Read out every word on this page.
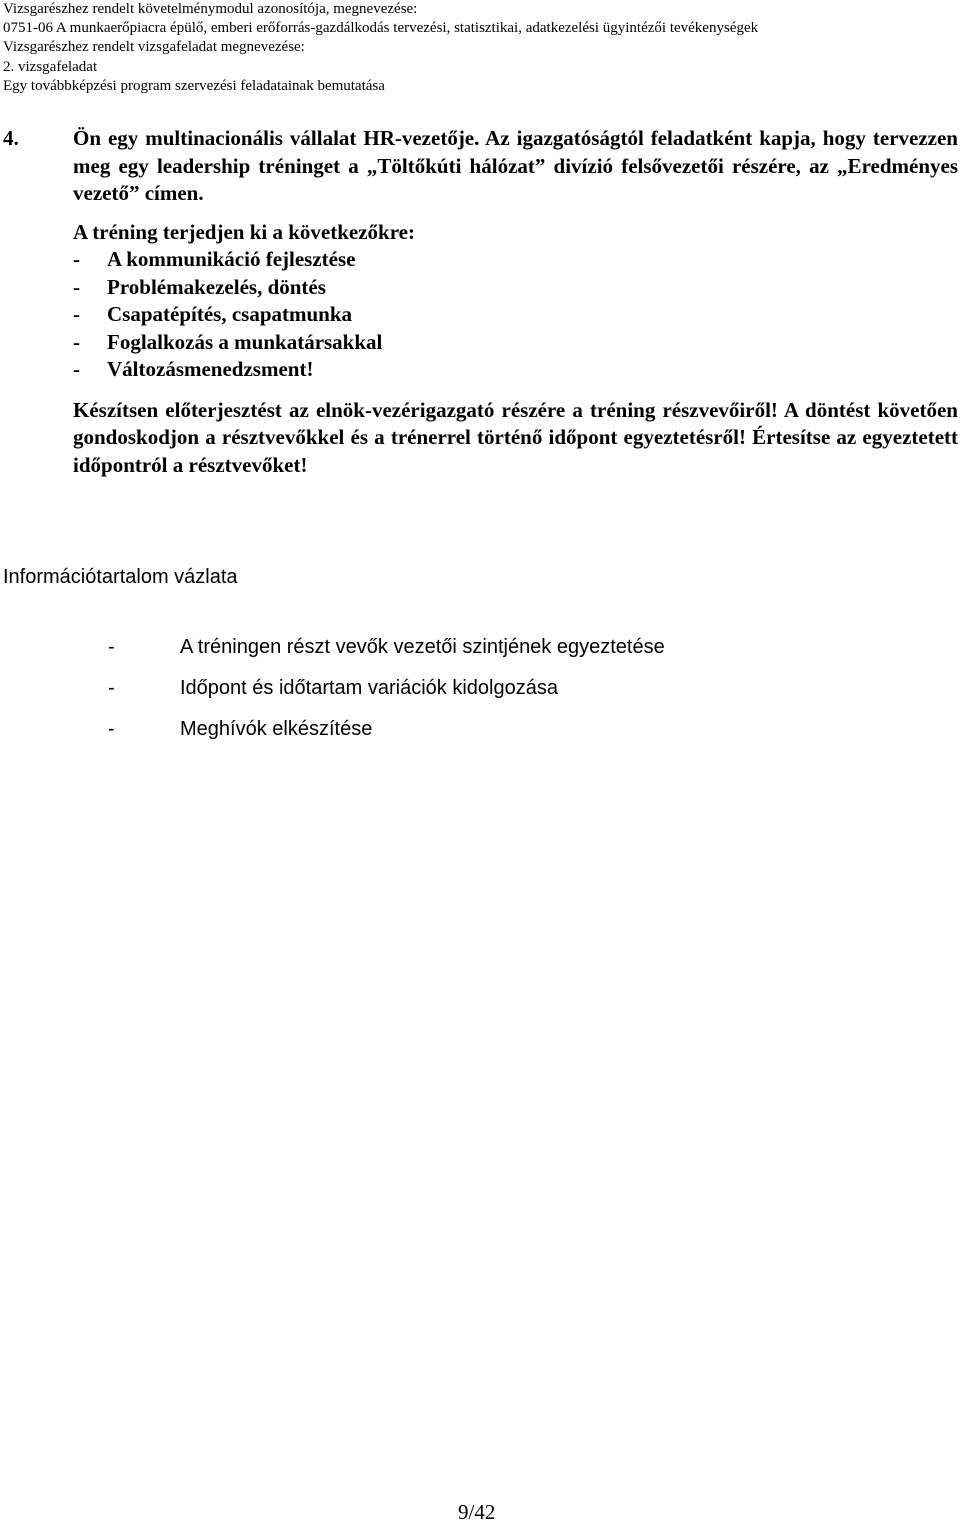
Vizsgarészhez rendelt követelménymodul azonosítója, megnevezése:
0751-06 A munkaerőpiacra épülő, emberi erőforrás-gazdálkodás tervezési, statisztikai, adatkezelési ügyintézői tevékenységek
Vizsgarészhez rendelt vizsgafeladat megnevezése:
2. vizsgafeladat
Egy továbbképzési program szervezési feladatainak bemutatása
4.	Ön egy multinacionális vállalat HR-vezetője. Az igazgatóságtól feladatként kapja, hogy tervezzen meg egy leadership tréninget a „Töltőkúti hálózat” divízió felsővezetői részére, az „Eredményes vezető” címen.

A tréning terjedjen ki a következőkre:

- A kommunikáció fejlesztése
- Problémakezelés, döntés
- Csapatépítés, csapatmunka
- Foglalkozás a munkatársakkal
- Változásmenedzsment!

Készítsen előterjesztést az elnök-vezérigazgató részére a tréning részvevőiről! A döntést követően gondoskodjon a résztvevőkkel és a trénerrel történő időpont egyeztetésről! Értesítse az egyeztetett időpontról a résztvevőket!

Információtartalom vázlata
-	A tréningen részt vevők vezetői szintjének egyeztetése
-	Időpont és időtartam variációk kidolgozása
-	Meghívók elkészítése
9/42
